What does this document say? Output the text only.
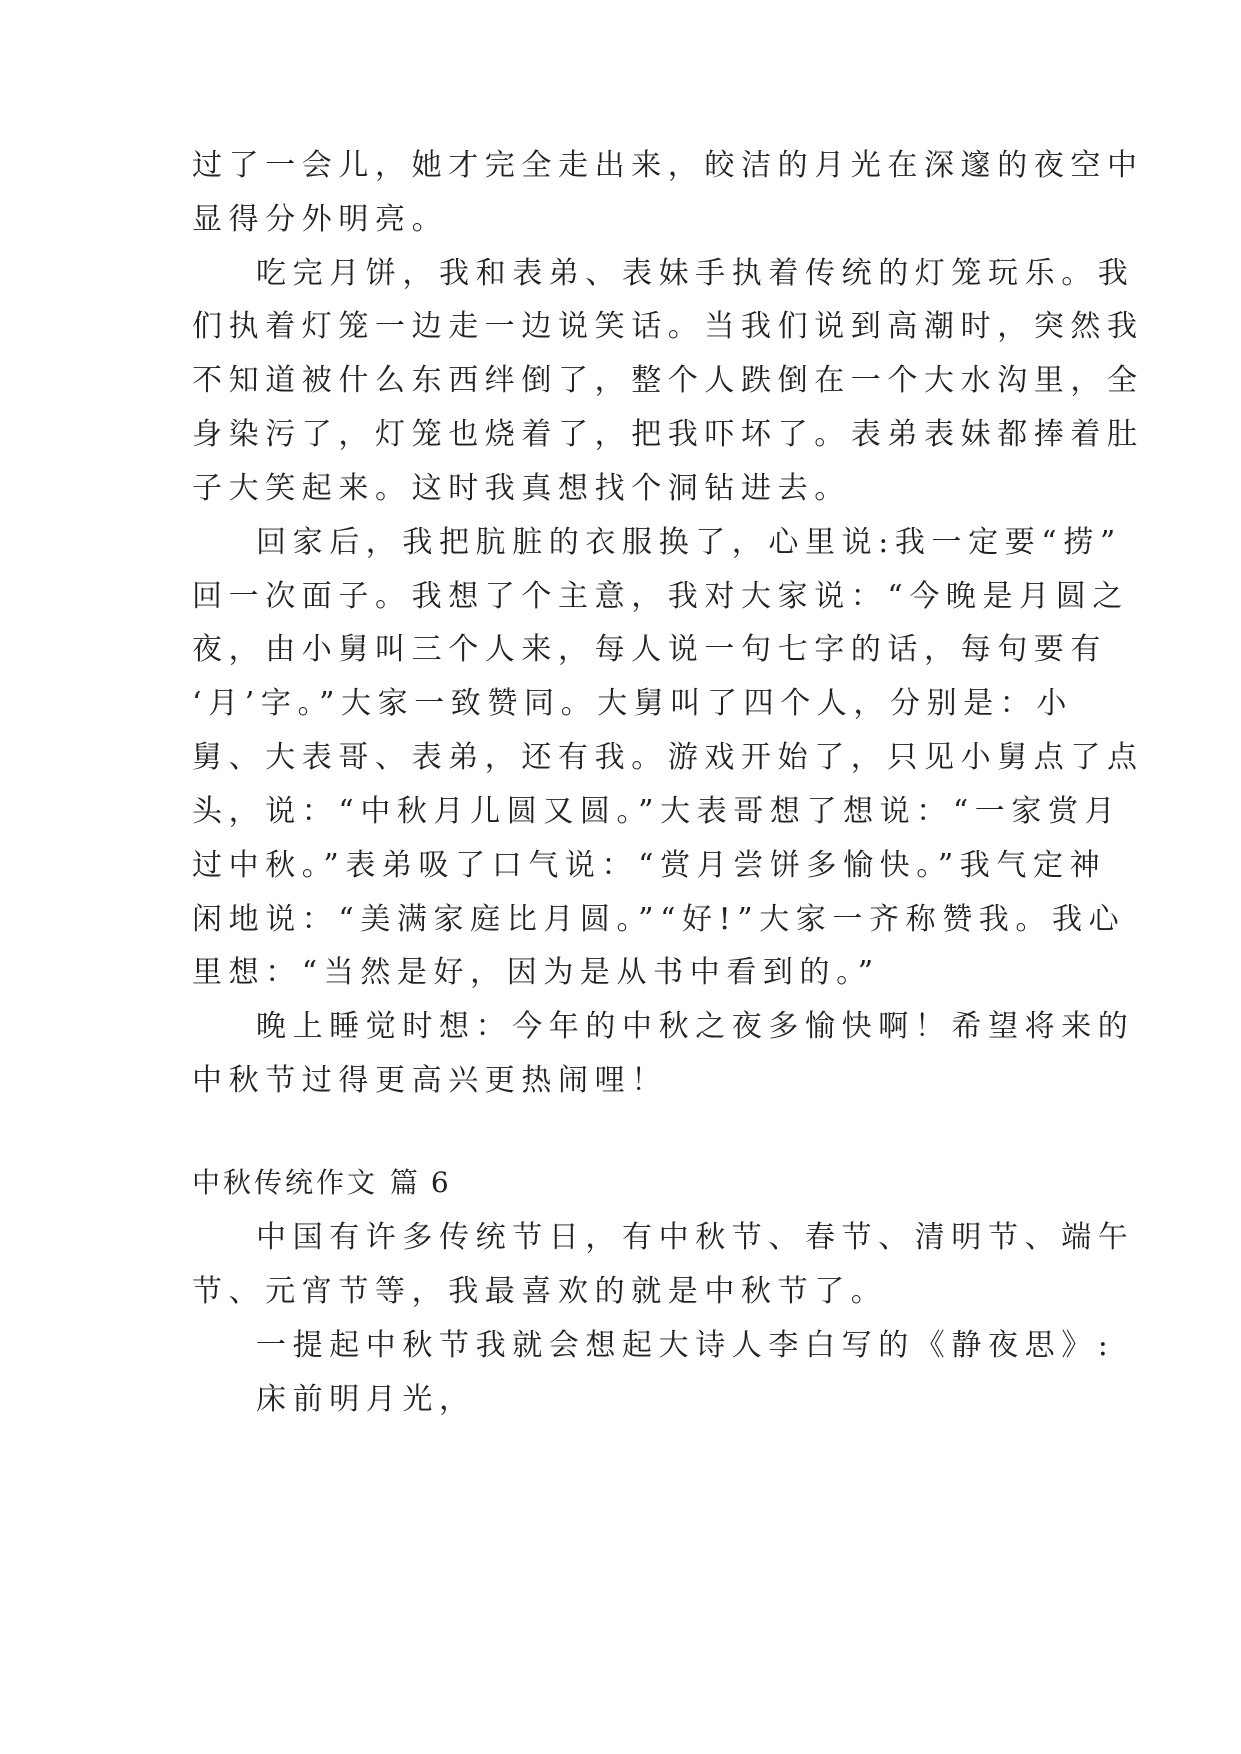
过了一会儿，她才完全走出来，皎洁的月光在深邃的夜空中
显得分外明亮。
吃完月饼，我和表弟、表妹手执着传统的灯笼玩乐。我
们执着灯笼一边走一边说笑话。当我们说到高潮时，突然我
不知道被什么东西绊倒了，整个人跌倒在一个大水沟里，全
身染污了，灯笼也烧着了，把我吓坏了。表弟表妹都捧着肚
子大笑起来。这时我真想找个洞钻进去。
回家后，我把肮脏的衣服换了，心里说:我一定要“捞”
回一次面子。我想了个主意，我对大家说：“今晚是月圆之
夜，由小舅叫三个人来，每人说一句七字的话，每句要有
‘月’字。”大家一致赞同。大舅叫了四个人，分别是：小
舅、大表哥、表弟，还有我。游戏开始了，只见小舅点了点
头，说：“中秋月儿圆又圆。”大表哥想了想说：“一家赏月
过中秋。”表弟吸了口气说：“赏月尝饼多愉快。”我气定神
闲地说：“美满家庭比月圆。”“好!”大家一齐称赞我。我心
里想：“当然是好，因为是从书中看到的。”
晚上睡觉时想：今年的中秋之夜多愉快啊！希望将来的
中秋节过得更高兴更热闹哩！
中秋传统作文 篇 6
中国有许多传统节日，有中秋节、春节、清明节、端午
节、元宵节等，我最喜欢的就是中秋节了。
一提起中秋节我就会想起大诗人李白写的《静夜思》:
床前明月光，
